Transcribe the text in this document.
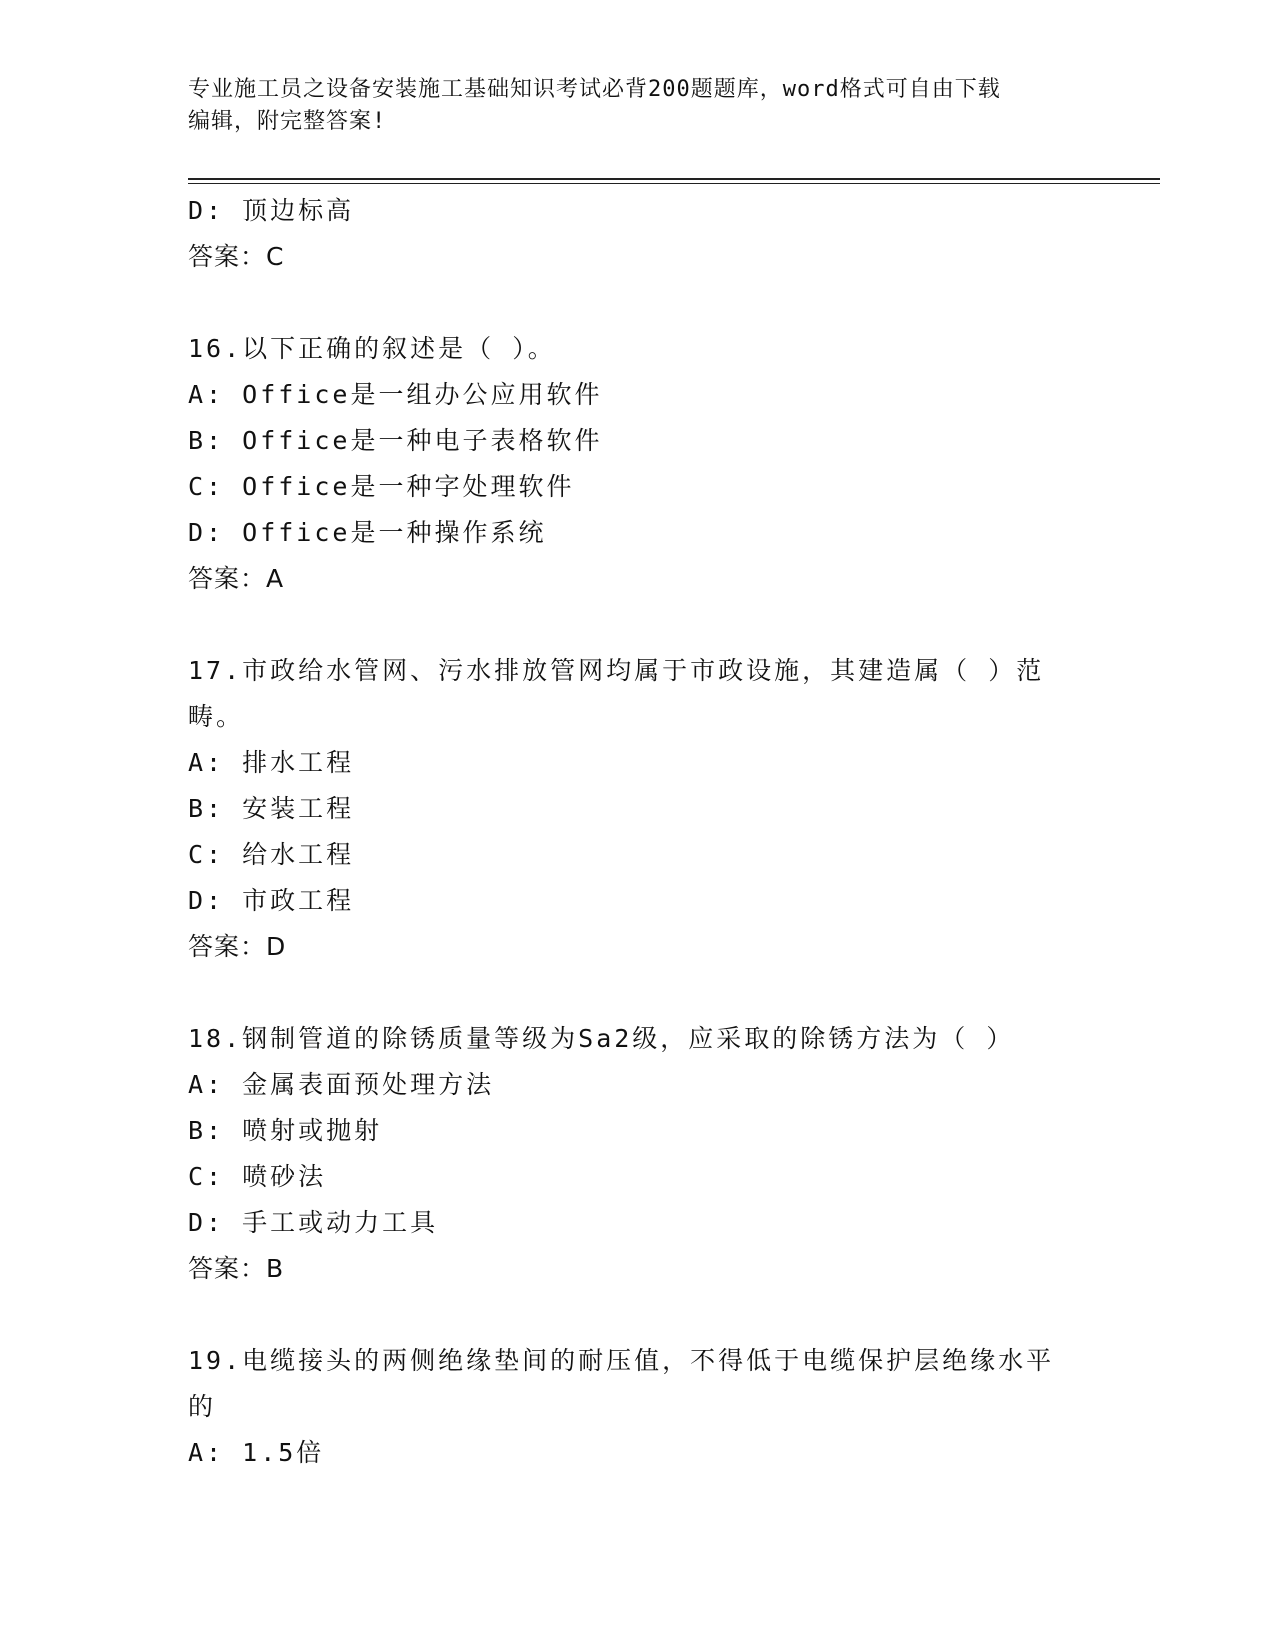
专业施工员之设备安装施工基础知识考试必背200题题库，word格式可自由下载
编辑，附完整答案!
D: 顶边标高
答案：C
16.以下正确的叙述是（ ）。
A: Office是一组办公应用软件
B: Office是一种电子表格软件
C: Office是一种字处理软件
D: Office是一种操作系统
答案：A
17.市政给水管网、污水排放管网均属于市政设施，其建造属（ ）范
畴。
A: 排水工程
B: 安装工程
C: 给水工程
D: 市政工程
答案：D
18.钢制管道的除锈质量等级为Sa2级，应采取的除锈方法为（ ）
A: 金属表面预处理方法
B: 喷射或抛射
C: 喷砂法
D: 手工或动力工具
答案：B
19.电缆接头的两侧绝缘垫间的耐压值，不得低于电缆保护层绝缘水平
的
A: 1.5倍
